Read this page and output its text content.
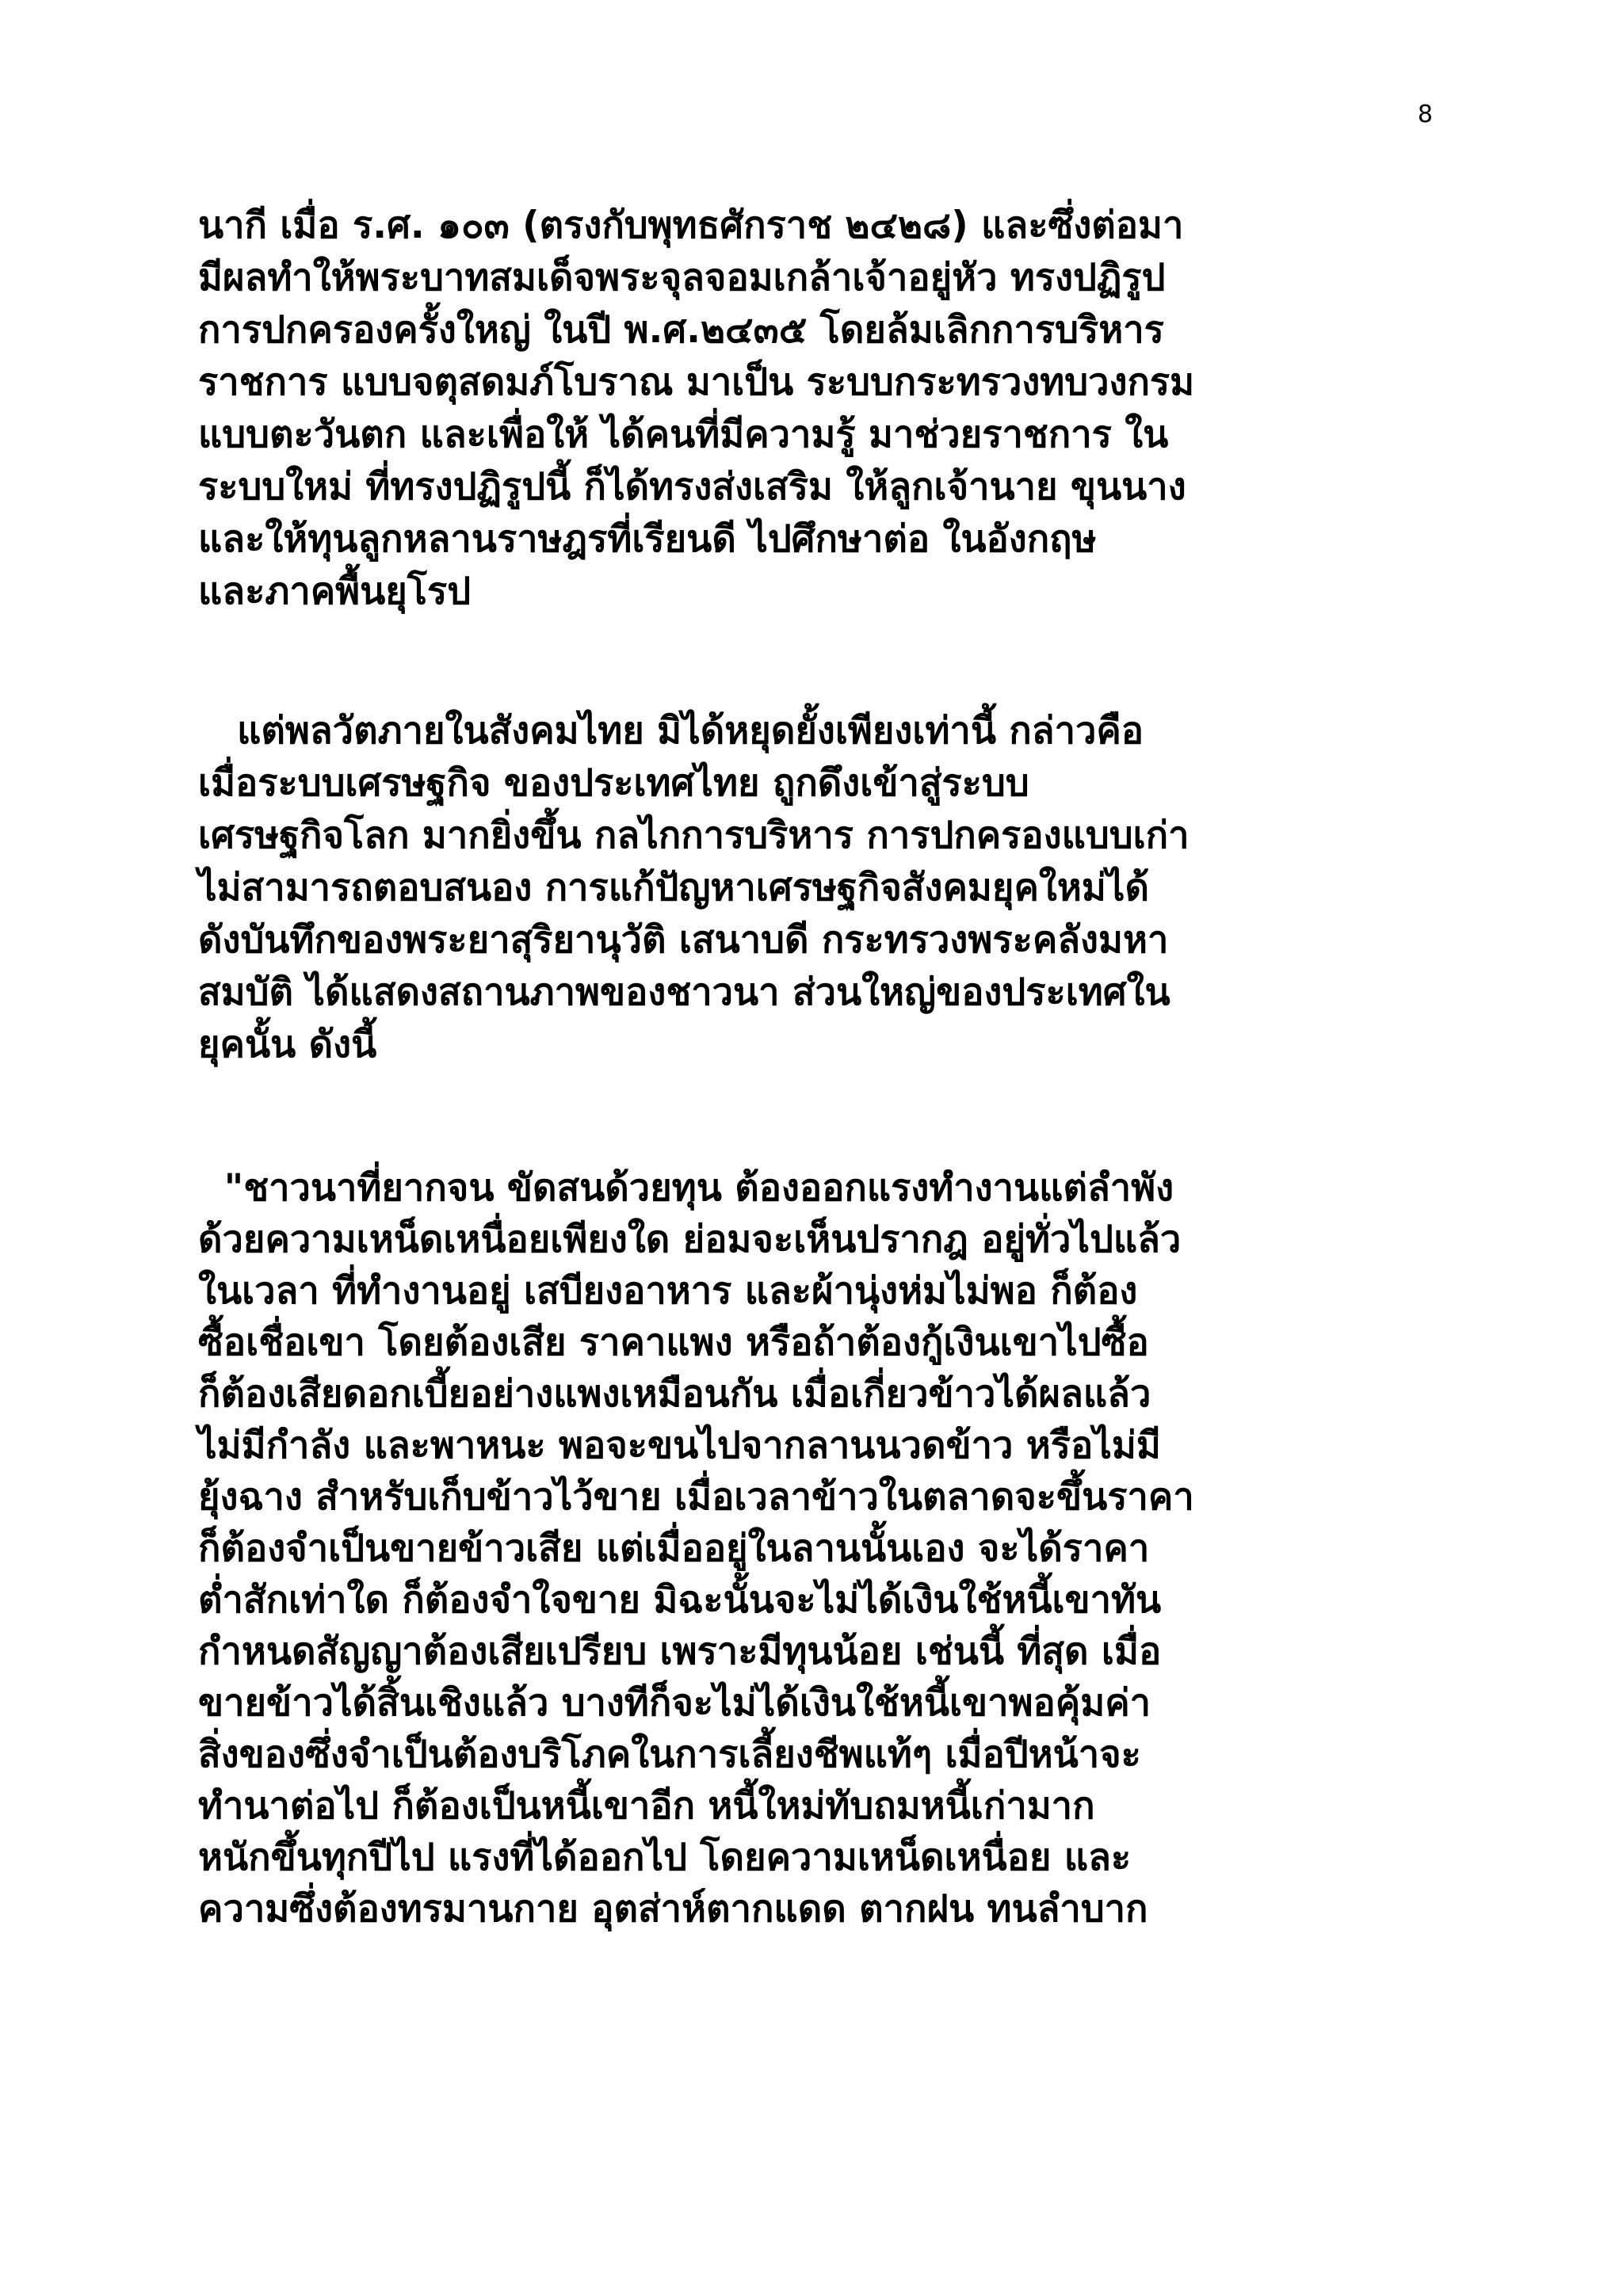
8
นากี เมื่อ ร.ศ. ๑๐๓ (ตรงกับพุทธศักราช ๒๔๒๘) และซึ่งต่อมา
มีผลทำให้พระบาทสมเด็จพระจุลจอมเกล้าเจ้าอยู่หัว ทรงปฏิรูป
การปกครองครั้งใหญ่ ในปี พ.ศ.๒๔๓๕ โดยล้มเลิกการบริหาร
ราชการ แบบจตุสดมภ์โบราณ มาเป็น ระบบกระทรวงทบวงกรม
แบบตะวันตก และเพื่อให้ ได้คนที่มีความรู้ มาช่วยราชการ ใน
ระบบใหม่ ที่ทรงปฏิรูปนี้ ก็ได้ทรงส่งเสริม ให้ลูกเจ้านาย ขุนนาง
และให้ทุนลูกหลานราษฎรที่เรียนดี ไปศึกษาต่อ ในอังกฤษ
และภาคพื้นยุโรป
แต่พลวัตภายในสังคมไทย มิได้หยุดยั้งเพียงเท่านี้ กล่าวคือ
เมื่อระบบเศรษฐกิจ ของประเทศไทย ถูกดึงเข้าสู่ระบบ
เศรษฐกิจโลก มากยิ่งขึ้น กลไกการบริหาร การปกครองแบบเก่า
ไม่สามารถตอบสนอง การแก้ปัญหาเศรษฐกิจสังคมยุคใหม่ได้
ดังบันทึกของพระยาสุริยานุวัติ เสนาบดี กระทรวงพระคลังมหา
สมบัติ ได้แสดงสถานภาพของชาวนา ส่วนใหญ่ของประเทศใน
ยุคนั้น ดังนี้
"ชาวนาที่ยากจน ขัดสนด้วยทุน ต้องออกแรงทำงานแต่ลำพัง
ด้วยความเหน็ดเหนื่อยเพียงใด ย่อมจะเห็นปรากฎ อยู่ทั่วไปแล้ว
ในเวลา ที่ทำงานอยู่ เสบียงอาหาร และผ้านุ่งห่มไม่พอ ก็ต้อง
ซื้อเชื่อเขา โดยต้องเสีย ราคาแพง หรือถ้าต้องกู้เงินเขาไปซื้อ
ก็ต้องเสียดอกเบี้ยอย่างแพงเหมือนกัน เมื่อเกี่ยวข้าวได้ผลแล้ว
ไม่มีกำลัง และพาหนะ พอจะขนไปจากลานนวดข้าว หรือไม่มี
ยุ้งฉาง สำหรับเก็บข้าวไว้ขาย เมื่อเวลาข้าวในตลาดจะขึ้นราคา
ก็ต้องจำเป็นขายข้าวเสีย แต่เมื่ออยู่ในลานนั้นเอง จะได้ราคา
ต่ำสักเท่าใด ก็ต้องจำใจขาย มิฉะนั้นจะไม่ได้เงินใช้หนี้เขาทัน
กำหนดสัญญาต้องเสียเปรียบ เพราะมีทุนน้อย เช่นนี้ ที่สุด เมื่อ
ขายข้าวได้สิ้นเชิงแล้ว บางทีก็จะไม่ได้เงินใช้หนี้เขาพอคุ้มค่า
สิ่งของซึ่งจำเป็นต้องบริโภคในการเลี้ยงชีพแท้ๆ เมื่อปีหน้าจะ
ทำนาต่อไป ก็ต้องเป็นหนี้เขาอีก หนี้ใหม่ทับถมหนี้เก่ามาก
หนักขึ้นทุกปีไป แรงที่ได้ออกไป โดยความเหน็ดเหนื่อย และ
ความซึ่งต้องทรมานกาย อุตส่าห์ตากแดด ตากฝน ทนลำบาก
